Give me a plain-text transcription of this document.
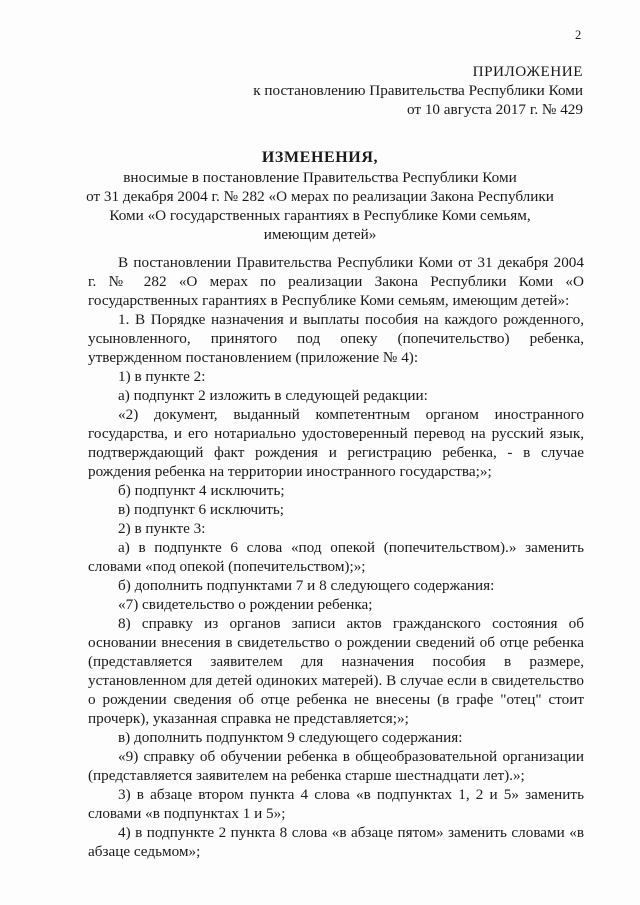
2
ПРИЛОЖЕНИЕ
к постановлению Правительства Республики Коми
от 10 августа 2017 г. № 429
ИЗМЕНЕНИЯ,
вносимые в постановление Правительства Республики Коми
от 31 декабря 2004 г. № 282 «О мерах по реализации Закона Республики
Коми «О государственных гарантиях в Республике Коми семьям,
имеющим детей»

В постановлении Правительства Республики Коми от 31 декабря 2004 г. № 282 «О мерах по реализации Закона Республики Коми «О государственных гарантиях в Республике Коми семьям, имеющим детей»:

1. В Порядке назначения и выплаты пособия на каждого рожденного, усыновленного, принятого под опеку (попечительство) ребенка, утвержденном постановлением (приложение № 4):

1) в пункте 2:

а) подпункт 2 изложить в следующей редакции:

«2) документ, выданный компетентным органом иностранного государства, и его нотариально удостоверенный перевод на русский язык, подтверждающий факт рождения и регистрацию ребенка, - в случае рождения ребенка на территории иностранного государства;»;

б) подпункт 4 исключить;

в) подпункт 6 исключить;

2) в пункте 3:

а) в подпункте 6 слова «под опекой (попечительством).» заменить словами «под опекой (попечительством);»;

б) дополнить подпунктами 7 и 8 следующего содержания:

«7) свидетельство о рождении ребенка;

8) справку из органов записи актов гражданского состояния об основании внесения в свидетельство о рождении сведений об отце ребенка (представляется заявителем для назначения пособия в размере, установленном для детей одиноких матерей). В случае если в свидетельство о рождении сведения об отце ребенка не внесены (в графе "отец" стоит прочерк), указанная справка не представляется;»;

в) дополнить подпунктом 9 следующего содержания:

«9) справку об обучении ребенка в общеобразовательной организации (представляется заявителем на ребенка старше шестнадцати лет).»;

3) в абзаце втором пункта 4 слова «в подпунктах 1, 2 и 5» заменить словами «в подпунктах 1 и 5»;

4) в подпункте 2 пункта 8 слова «в абзаце пятом» заменить словами «в абзаце седьмом»;
